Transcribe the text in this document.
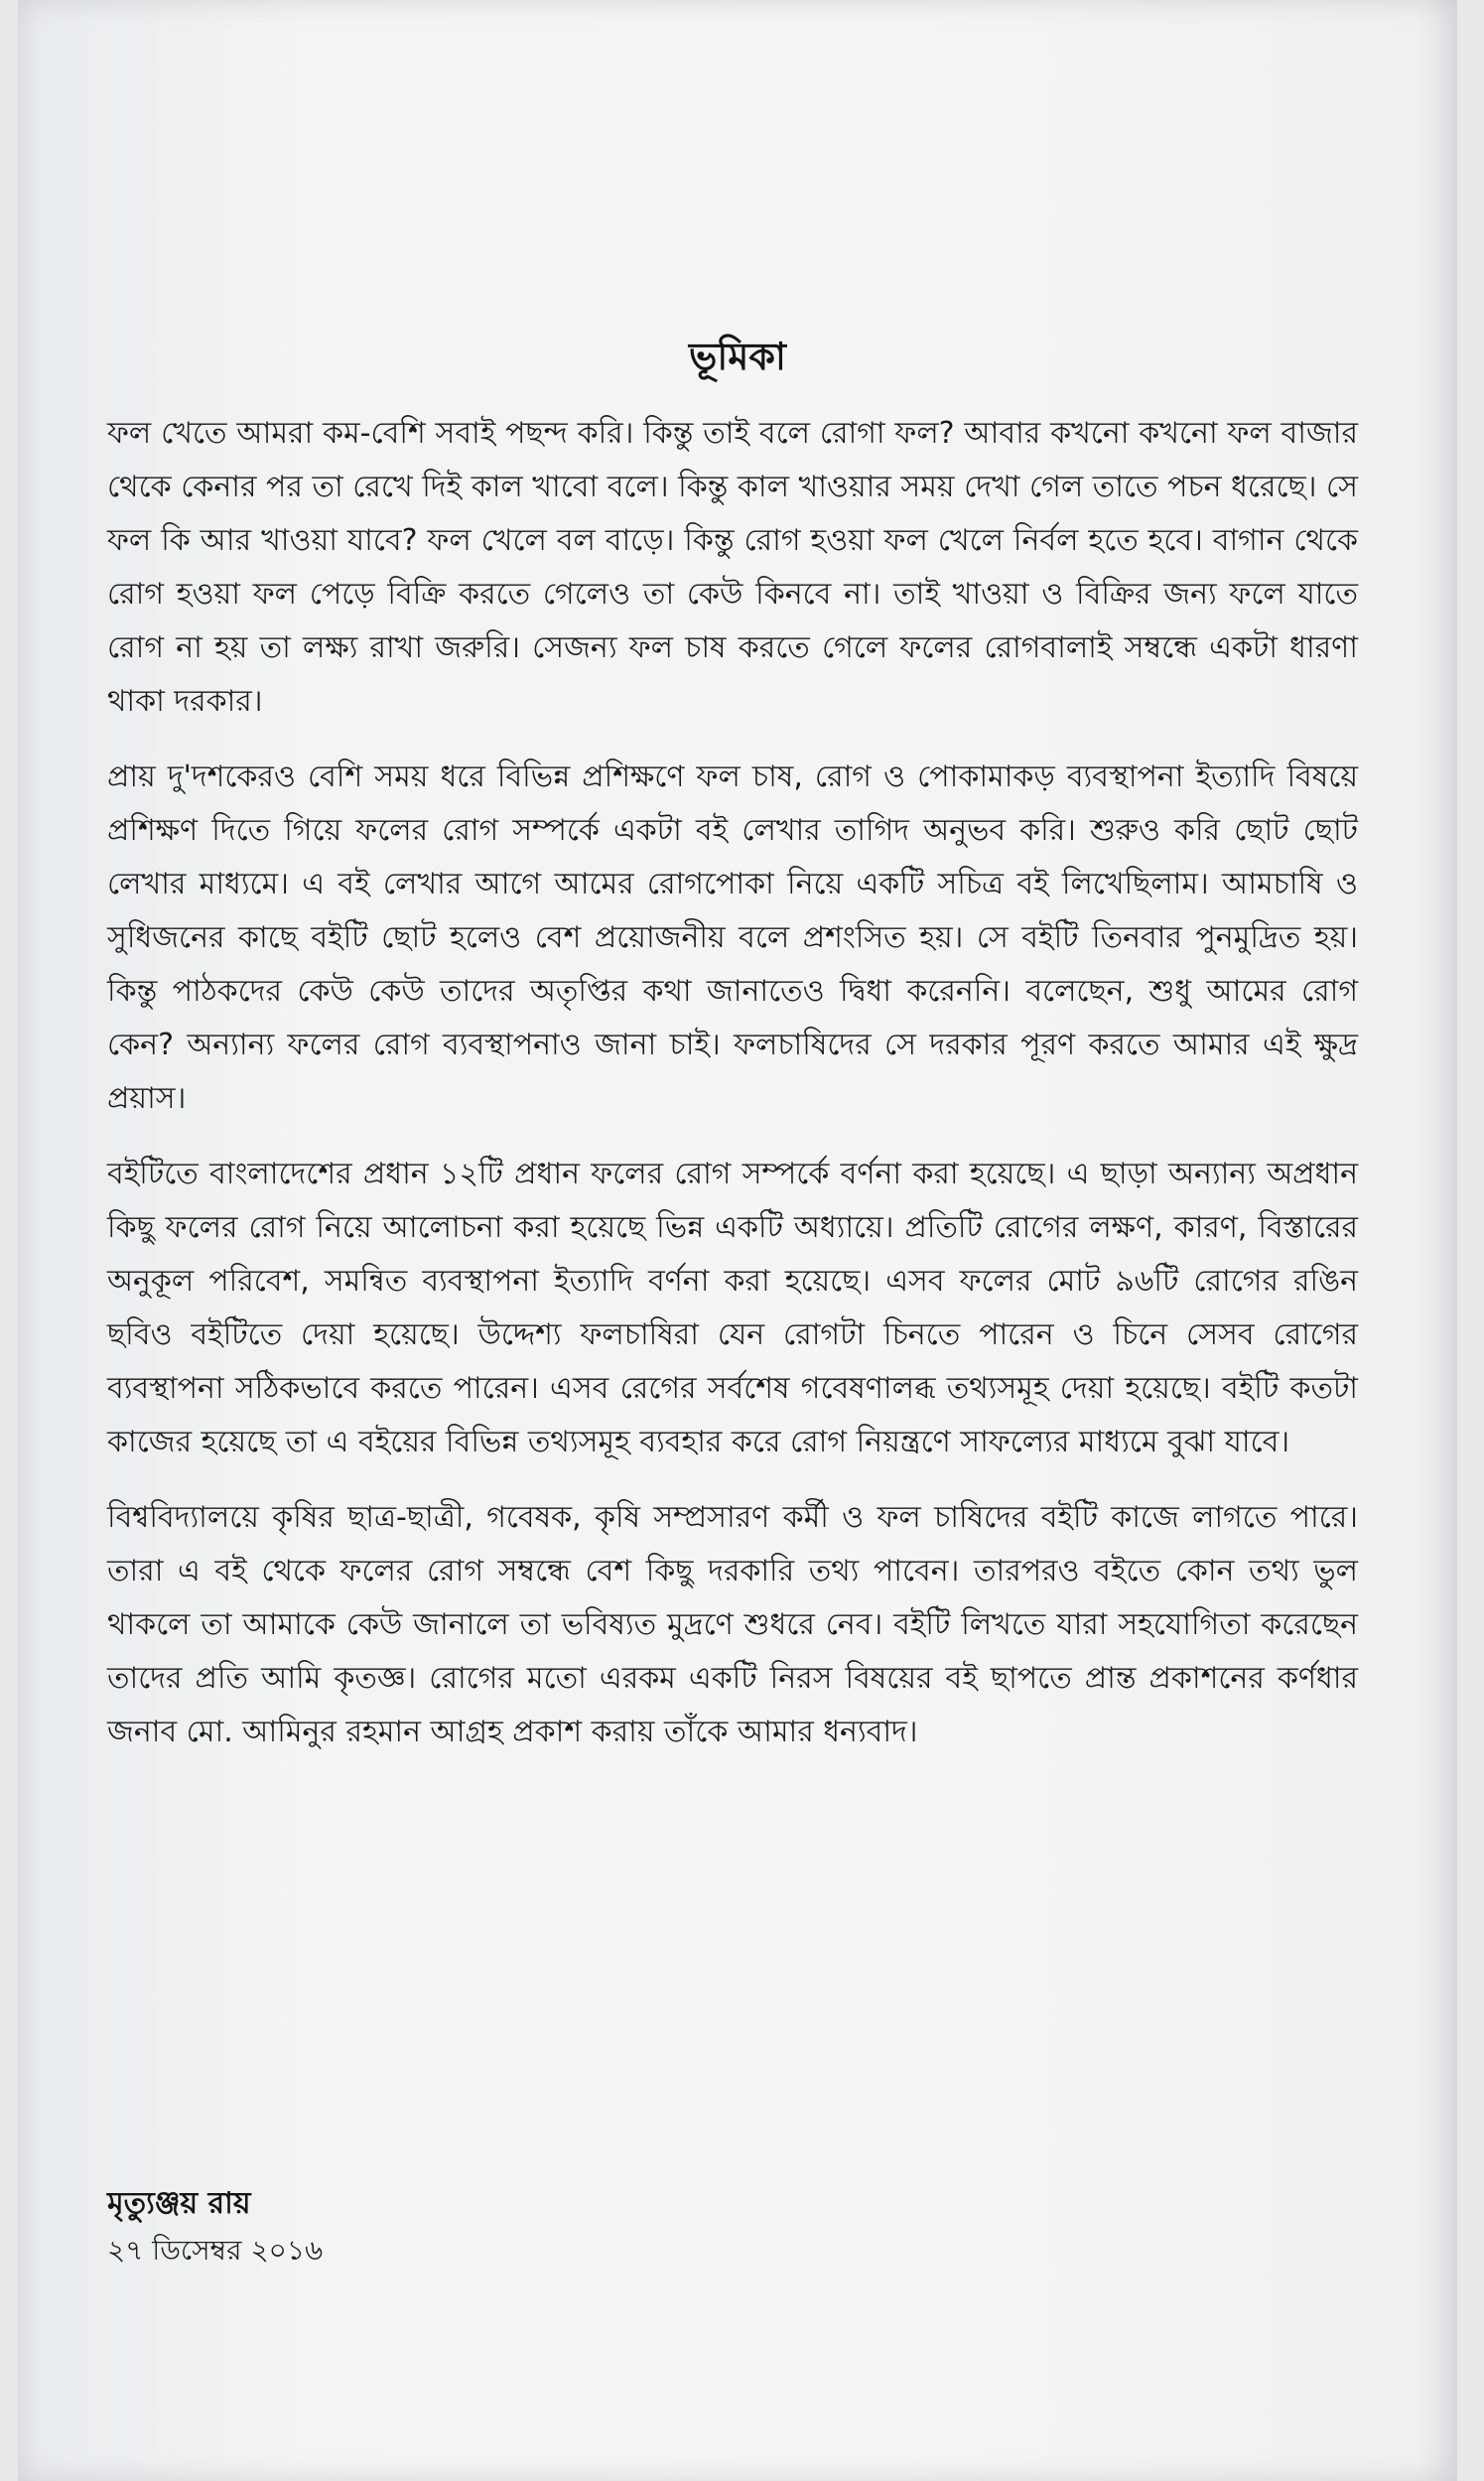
ভূমিকা

ফল খেতে আমরা কম-বেশি সবাই পছন্দ করি। কিন্তু তাই বলে রোগা ফল? আবার কখনো কখনো ফল বাজার থেকে কেনার পর তা রেখে দিই কাল খাবো বলে। কিন্তু কাল খাওয়ার সময় দেখা গেল তাতে পচন ধরেছে। সে ফল কি আর খাওয়া যাবে? ফল খেলে বল বাড়ে। কিন্তু রোগ হওয়া ফল খেলে নির্বল হতে হবে। বাগান থেকে রোগ হওয়া ফল পেড়ে বিক্রি করতে গেলেও তা কেউ কিনবে না। তাই খাওয়া ও বিক্রির জন্য ফলে যাতে রোগ না হয় তা লক্ষ্য রাখা জরুরি। সেজন্য ফল চাষ করতে গেলে ফলের রোগবালাই সম্বন্ধে একটা ধারণা থাকা দরকার।

প্রায় দু'দশকেরও বেশি সময় ধরে বিভিন্ন প্রশিক্ষণে ফল চাষ, রোগ ও পোকামাকড় ব্যবস্থাপনা ইত্যাদি বিষয়ে প্রশিক্ষণ দিতে গিয়ে ফলের রোগ সম্পর্কে একটা বই লেখার তাগিদ অনুভব করি। শুরুও করি ছোট ছোট লেখার মাধ্যমে। এ বই লেখার আগে আমের রোগপোকা নিয়ে একটি সচিত্র বই লিখেছিলাম। আমচাষি ও সুধিজনের কাছে বইটি ছোট হলেও বেশ প্রয়োজনীয় বলে প্রশংসিত হয়। সে বইটি তিনবার পুনমুদ্রিত হয়। কিন্তু পাঠকদের কেউ কেউ তাদের অতৃপ্তির কথা জানাতেও দ্বিধা করেননি। বলেছেন, শুধু আমের রোগ কেন? অন্যান্য ফলের রোগ ব্যবস্থাপনাও জানা চাই। ফলচাষিদের সে দরকার পূরণ করতে আমার এই ক্ষুদ্র প্রয়াস।

বইটিতে বাংলাদেশের প্রধান ১২টি প্রধান ফলের রোগ সম্পর্কে বর্ণনা করা হয়েছে। এ ছাড়া অন্যান্য অপ্রধান কিছু ফলের রোগ নিয়ে আলোচনা করা হয়েছে ভিন্ন একটি অধ্যায়ে। প্রতিটি রোগের লক্ষণ, কারণ, বিস্তারের অনুকূল পরিবেশ, সমন্বিত ব্যবস্থাপনা ইত্যাদি বর্ণনা করা হয়েছে। এসব ফলের মোট ৯৬টি রোগের রঙিন ছবিও বইটিতে দেয়া হয়েছে। উদ্দেশ্য ফলচাষিরা যেন রোগটা চিনতে পারেন ও চিনে সেসব রোগের ব্যবস্থাপনা সঠিকভাবে করতে পারেন। এসব রেগের সর্বশেষ গবেষণালব্ধ তথ্যসমূহ দেয়া হয়েছে। বইটি কতটা কাজের হয়েছে তা এ বইয়ের বিভিন্ন তথ্যসমূহ ব্যবহার করে রোগ নিয়ন্ত্রণে সাফল্যের মাধ্যমে বুঝা যাবে।

বিশ্ববিদ্যালয়ে কৃষির ছাত্র-ছাত্রী, গবেষক, কৃষি সম্প্রসারণ কর্মী ও ফল চাষিদের বইটি কাজে লাগতে পারে। তারা এ বই থেকে ফলের রোগ সম্বন্ধে বেশ কিছু দরকারি তথ্য পাবেন। তারপরও বইতে কোন তথ্য ভুল থাকলে তা আমাকে কেউ জানালে তা ভবিষ্যত মুদ্রণে শুধরে নেব। বইটি লিখতে যারা সহযোগিতা করেছেন তাদের প্রতি আমি কৃতজ্ঞ। রোগের মতো এরকম একটি নিরস বিষয়ের বই ছাপতে প্রান্ত প্রকাশনের কর্ণধার জনাব মো. আমিনুর রহমান আগ্রহ প্রকাশ করায় তাঁকে আমার ধন্যবাদ।

মৃত্যুঞ্জয় রায়
২৭ ডিসেম্বর ২০১৬
